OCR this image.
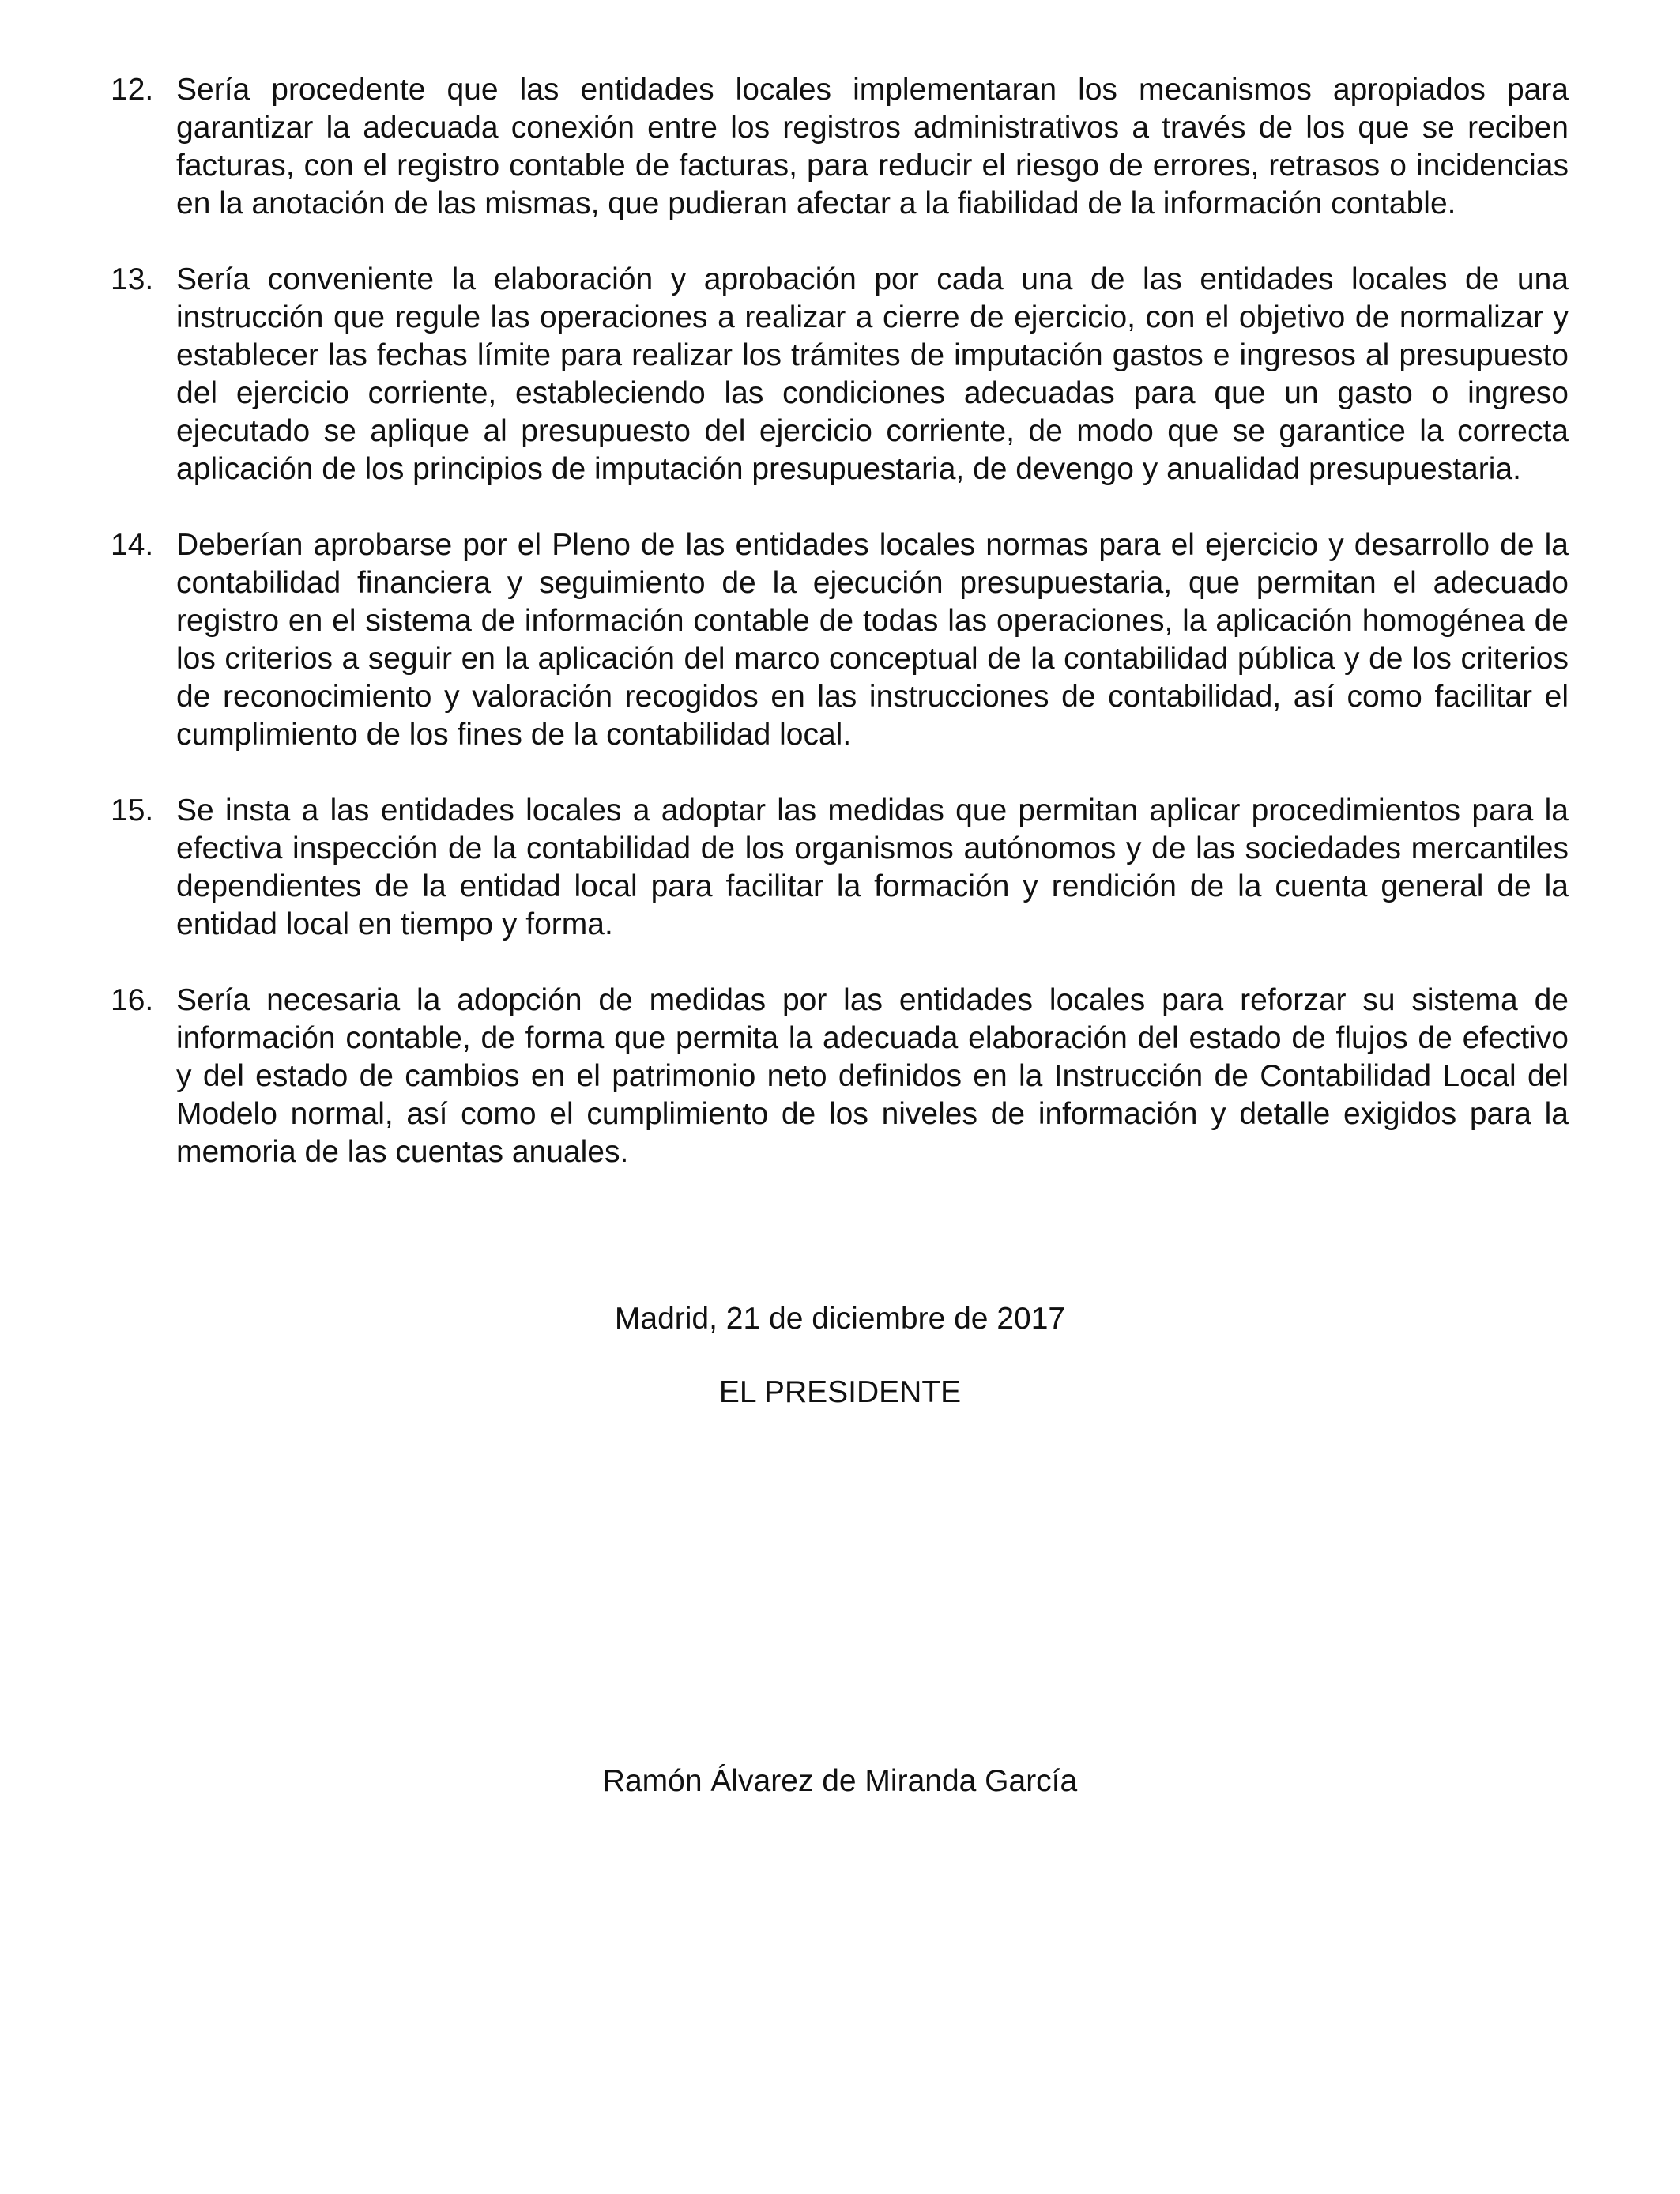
12. Sería procedente que las entidades locales implementaran los mecanismos apropiados para garantizar la adecuada conexión entre los registros administrativos a través de los que se reciben facturas, con el registro contable de facturas, para reducir el riesgo de errores, retrasos o incidencias en la anotación de las mismas, que pudieran afectar a la fiabilidad de la información contable.

13. Sería conveniente la elaboración y aprobación por cada una de las entidades locales de una instrucción que regule las operaciones a realizar a cierre de ejercicio, con el objetivo de normalizar y establecer las fechas límite para realizar los trámites de imputación gastos e ingresos al presupuesto del ejercicio corriente, estableciendo las condiciones adecuadas para que un gasto o ingreso ejecutado se aplique al presupuesto del ejercicio corriente, de modo que se garantice la correcta aplicación de los principios de imputación presupuestaria, de devengo y anualidad presupuestaria.

14. Deberían aprobarse por el Pleno de las entidades locales normas para el ejercicio y desarrollo de la contabilidad financiera y seguimiento de la ejecución presupuestaria, que permitan el adecuado registro en el sistema de información contable de todas las operaciones, la aplicación homogénea de los criterios a seguir en la aplicación del marco conceptual de la contabilidad pública y de los criterios de reconocimiento y valoración recogidos en las instrucciones de contabilidad, así como facilitar el cumplimiento de los fines de la contabilidad local.

15. Se insta a las entidades locales a adoptar las medidas que permitan aplicar procedimientos para la efectiva inspección de la contabilidad de los organismos autónomos y de las sociedades mercantiles dependientes de la entidad local para facilitar la formación y rendición de la cuenta general de la entidad local en tiempo y forma.

16. Sería necesaria la adopción de medidas por las entidades locales para reforzar su sistema de información contable, de forma que permita la adecuada elaboración del estado de flujos de efectivo y del estado de cambios en el patrimonio neto definidos en la Instrucción de Contabilidad Local del Modelo normal, así como el cumplimiento de los niveles de información y detalle exigidos para la memoria de las cuentas anuales.

Madrid, 21 de diciembre de 2017
EL PRESIDENTE
Ramón Álvarez de Miranda García
